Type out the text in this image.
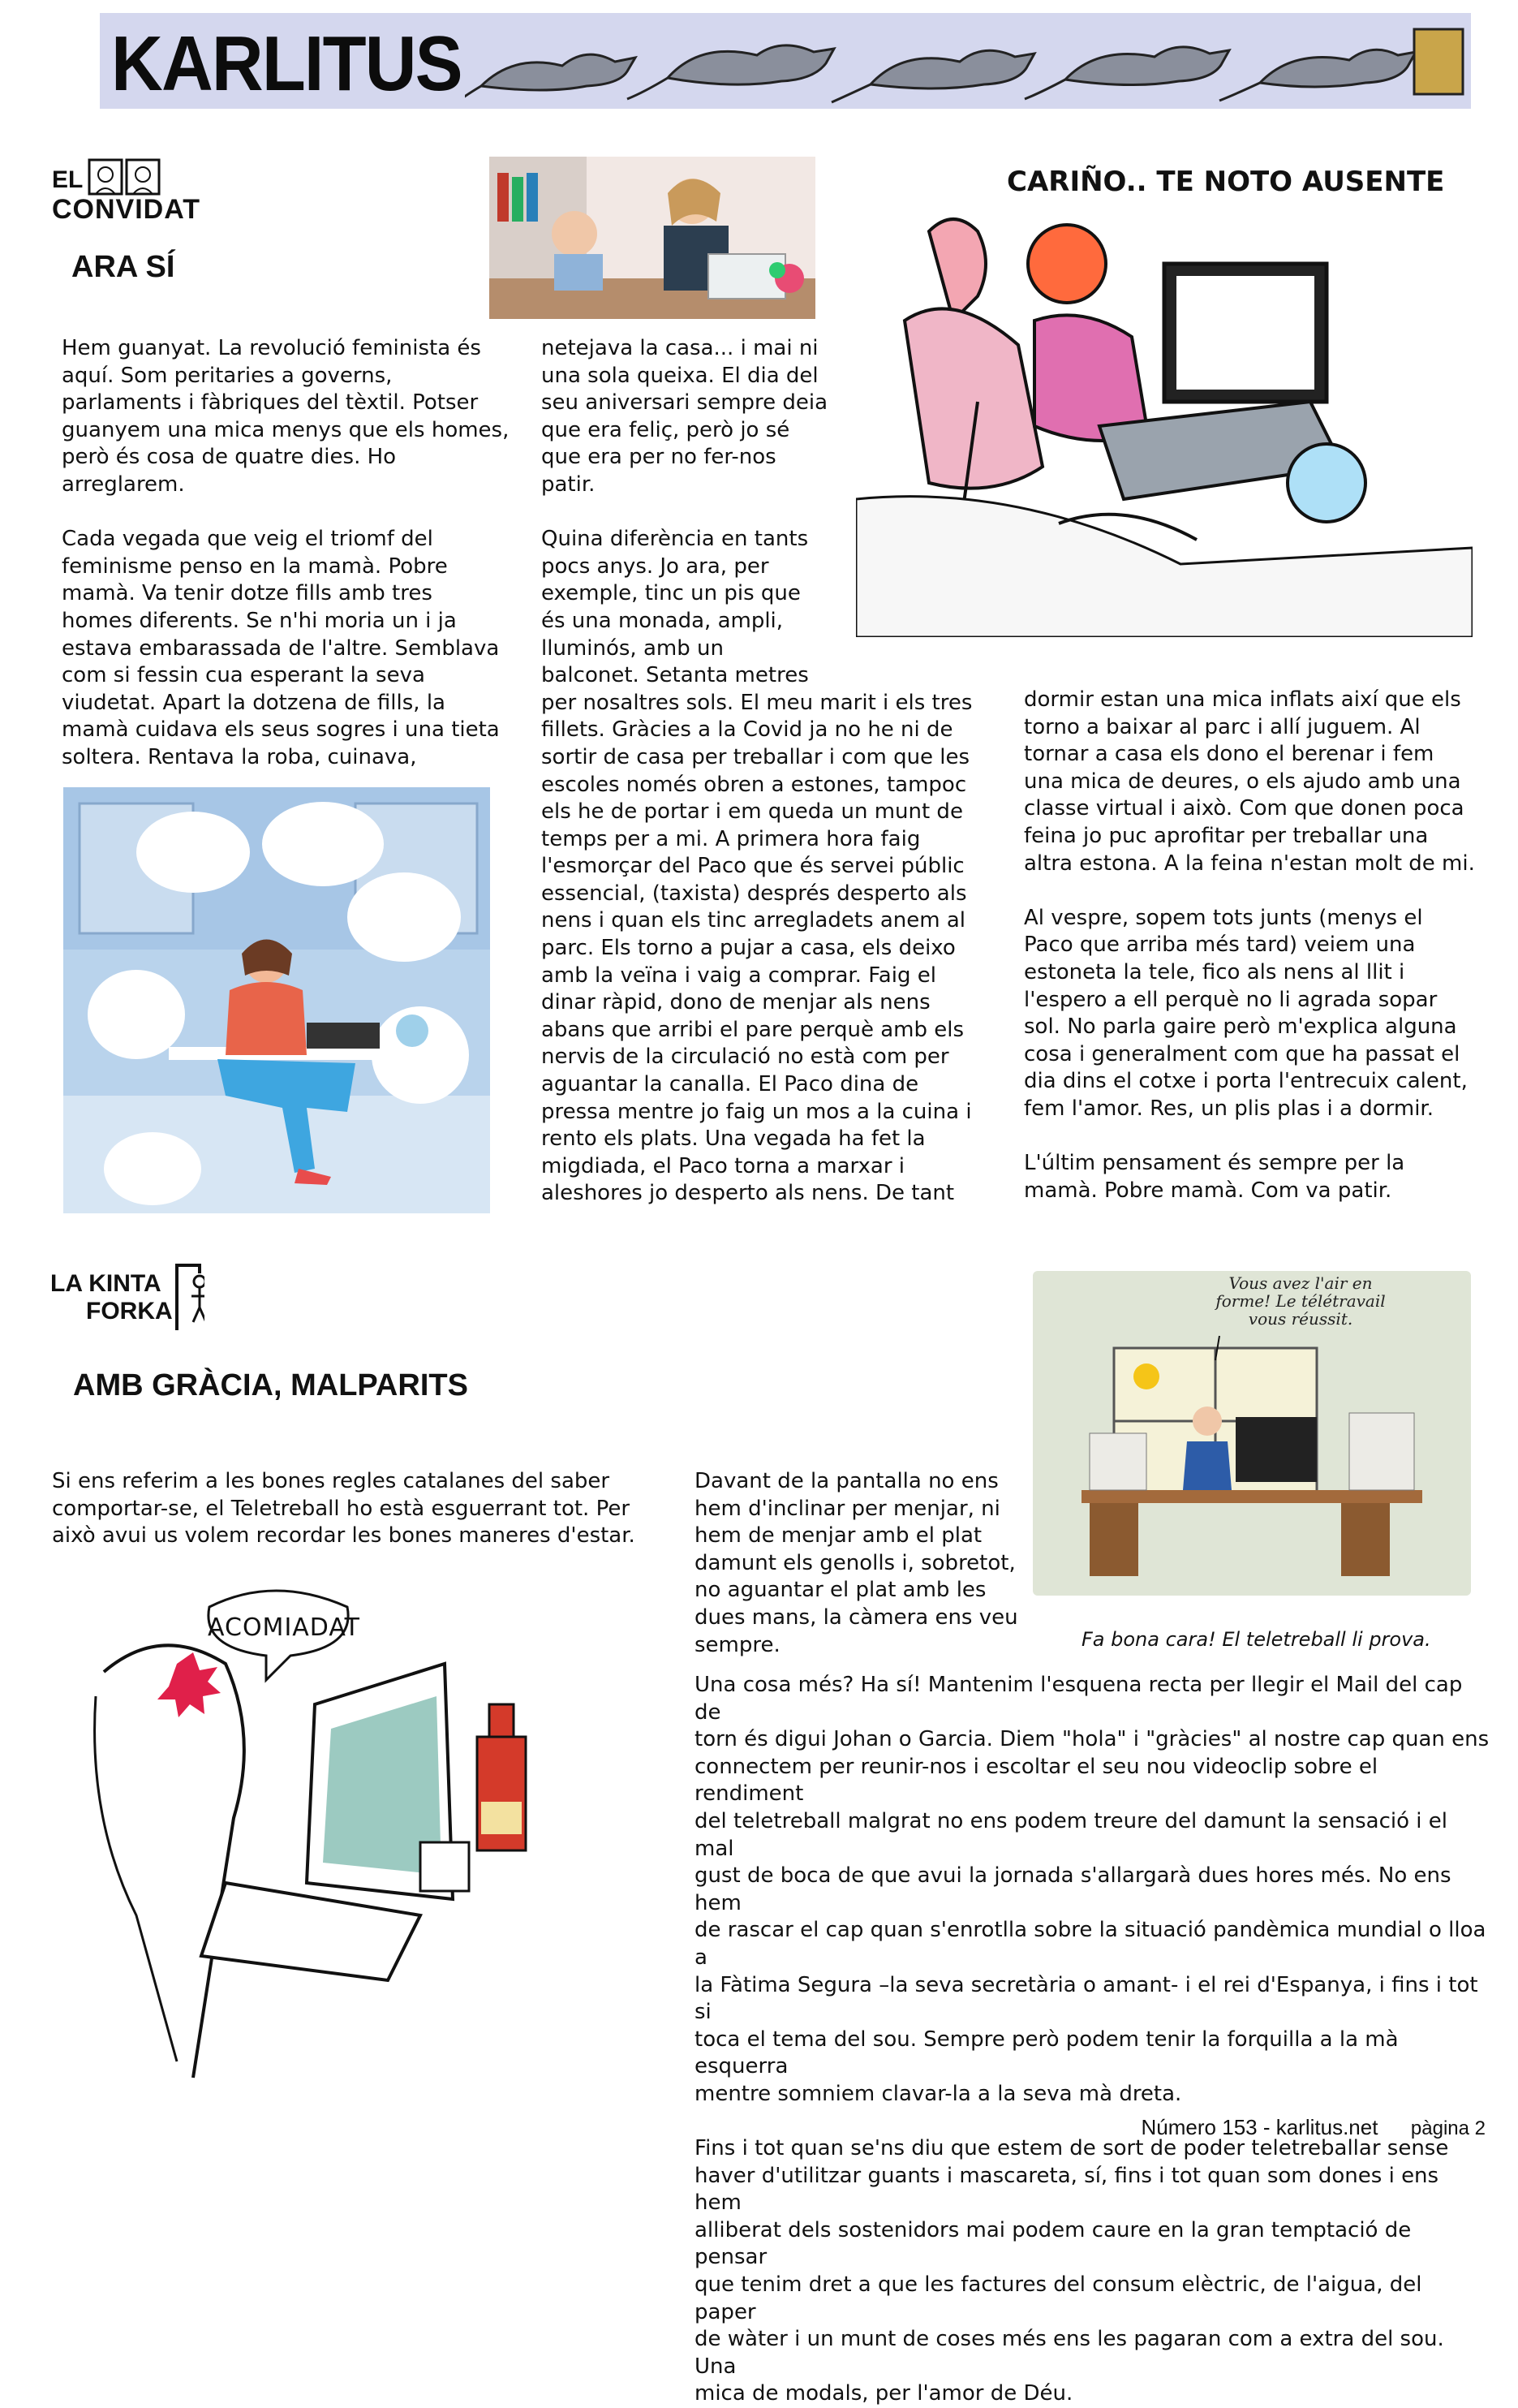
KARLITUS
EL
CONVIDAT
ARA SÍ
CARIÑO.. TE NOTO AUSENTE
Hem guanyat. La revolució feminista és
aquí. Som peritaries a governs,
parlaments i fàbriques del tèxtil. Potser
guanyem una mica menys que els homes,
però és cosa de quatre dies. Ho
arreglarem.

Cada vegada que veig el triomf del
feminisme penso en la mamà. Pobre
mamà. Va tenir dotze fills amb tres
homes diferents. Se n'hi moria un i ja
estava embarassada de l'altre. Semblava
com si fessin cua esperant la seva
viudetat. Apart la dotzena de fills, la
mamà cuidava els seus sogres i una tieta
soltera. Rentava la roba, cuinava,
netejava la casa... i mai ni
una sola queixa. El dia del
seu aniversari sempre deia
que era feliç, però jo sé
que era per no fer-nos
patir.

Quina diferència en tants
pocs anys. Jo ara, per
exemple, tinc un pis que
és una monada, ampli,
lluminós, amb un
balconet. Setanta metres
per nosaltres sols. El meu marit i els tres
fillets. Gràcies a la Covid ja no he ni de
sortir de casa per treballar i com que les
escoles només obren a estones, tampoc
els he de portar i em queda un munt de
temps per a mi. A primera hora faig
l'esmorçar del Paco que és servei públic
essencial, (taxista) després desperto als
nens i quan els tinc arregladets anem al
parc. Els torno a pujar a casa, els deixo
amb la veïna i vaig a comprar. Faig el
dinar ràpid, dono de menjar als nens
abans que arribi el pare perquè amb els
nervis de la circulació no està com per
aguantar la canalla. El Paco dina de
pressa mentre jo faig un mos a la cuina i
rento els plats. Una vegada ha fet la
migdiada, el Paco torna a marxar i
aleshores jo desperto als nens. De tant
dormir estan una mica inflats així que els
torno a baixar al parc i allí juguem. Al
tornar a casa els dono el berenar i fem
una mica de deures, o els ajudo amb una
classe virtual i això. Com que donen poca
feina jo puc aprofitar per treballar una
altra estona. A la feina n'estan molt de mi.

Al vespre, sopem tots junts (menys el
Paco que arriba més tard) veiem una
estoneta la tele, fico als nens al llit i
l'espero a ell perquè no li agrada sopar
sol. No parla gaire però m'explica alguna
cosa i generalment com que ha passat el
dia dins el cotxe i porta l'entrecuix calent,
fem l'amor. Res, un plis plas i a dormir.

L'últim pensament és sempre per la
mamà. Pobre mamà. Com va patir.
LA KINTA
FORKA
AMB GRÀCIA, MALPARITS
Si ens referim a les bones regles catalanes del saber
comportar-se, el Teletreball ho està esguerrant tot. Per
això avui us volem recordar les bones maneres d'estar.
Davant de la pantalla no ens
hem d'inclinar per menjar, ni
hem de menjar amb el plat
damunt els genolls i, sobretot,
no aguantar el plat amb les
dues mans, la càmera ens veu
sempre.
Vous avez l'air en
forme! Le télétravail
vous réussit.
Fa bona cara! El teletreball li prova.
ACOMIADAT
Una cosa més? Ha sí! Mantenim l'esquena recta per llegir el Mail del cap de
torn és digui Johan o Garcia. Diem "hola" i "gràcies" al nostre cap quan ens
connectem per reunir-nos i escoltar el seu nou videoclip sobre el rendiment
del teletreball malgrat no ens podem treure del damunt la sensació i el mal
gust de boca de que avui la jornada s'allargarà dues hores més. No ens hem
de rascar el cap quan s'enrotlla sobre la situació pandèmica mundial o lloa a
la Fàtima Segura –la seva secretària o amant- i el rei d'Espanya, i fins i tot si
toca el tema del sou. Sempre però podem tenir la forquilla a la mà esquerra
mentre somniem clavar-la a la seva mà dreta.

Fins i tot quan se'ns diu que estem de sort de poder teletreballar sense
haver d'utilitzar guants i mascareta, sí, fins i tot quan som dones i ens hem
alliberat dels sostenidors mai podem caure en la gran temptació de pensar
que tenim dret a que les factures del consum elèctric, de l'aigua, del paper
de wàter i un munt de coses més ens les pagaran com a extra del sou. Una
mica de modals, per l'amor de Déu.
Número 153 - karlitus.net pàgina 2
